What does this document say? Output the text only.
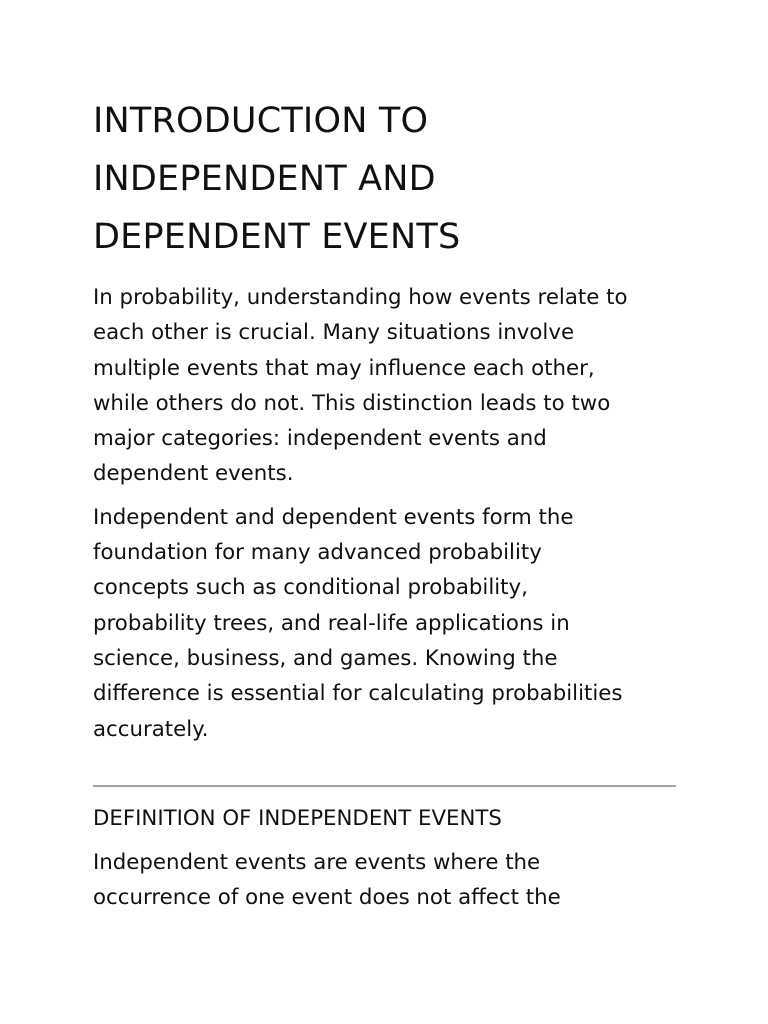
INTRODUCTION TO
INDEPENDENT AND
DEPENDENT EVENTS

In probability, understanding how events relate to
each other is crucial. Many situations involve
multiple events that may influence each other,
while others do not. This distinction leads to two
major categories: independent events and
dependent events.

Independent and dependent events form the
foundation for many advanced probability
concepts such as conditional probability,
probability trees, and real-life applications in
science, business, and games. Knowing the
difference is essential for calculating probabilities
accurately.

DEFINITION OF INDEPENDENT EVENTS

Independent events are events where the
occurrence of one event does not affect the
